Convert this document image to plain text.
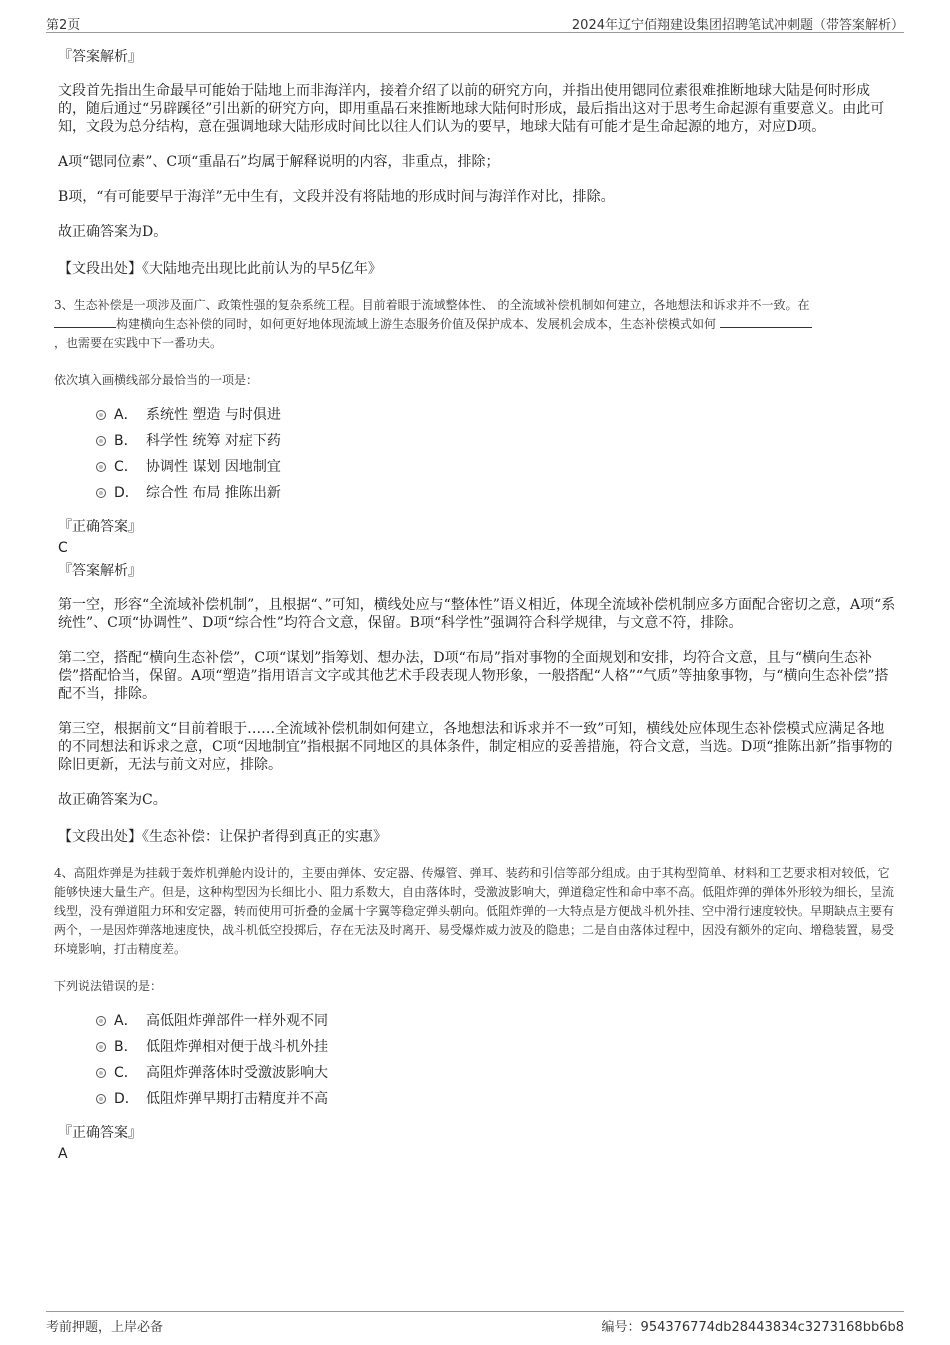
第2页	2024年辽宁佰翔建设集团招聘笔试冲刺题（带答案解析）
『答案解析』

文段首先指出生命最早可能始于陆地上而非海洋内，接着介绍了以前的研究方向，并指出使用锶同位素很难推断地球大陆是何时形成的，随后通过“另辟蹊径”引出新的研究方向，即用重晶石来推断地球大陆何时形成，最后指出这对于思考生命起源有重要意义。由此可知，文段为总分结构，意在强调地球大陆形成时间比以往人们认为的要早，地球大陆有可能才是生命起源的地方，对应D项。

A项“锶同位素”、C项“重晶石”均属于解释说明的内容，非重点，排除；

B项，“有可能要早于海洋”无中生有，文段并没有将陆地的形成时间与海洋作对比，排除。

故正确答案为D。

【文段出处】《大陆地壳出现比此前认为的早5亿年》

3、生态补偿是一项涉及面广、政策性强的复杂系统工程。目前着眼于流域整体性、 的全流域补偿机制如何建立，各地想法和诉求并不一致。在
构建横向生态补偿的同时，如何更好地体现流域上游生态服务价值及保护成本、发展机会成本，生态补偿模式如何
，也需要在实践中下一番功夫。

依次填入画横线部分最恰当的一项是：
A． 系统性 塑造 与时俱进
B． 科学性 统筹 对症下药
C． 协调性 谋划 因地制宜
D． 综合性 布局 推陈出新
『正确答案』
C
『答案解析』

第一空，形容“全流域补偿机制”，且根据“、”可知，横线处应与“整体性”语义相近，体现全流域补偿机制应多方面配合密切之意，A项“系统性”、C项“协调性”、D项“综合性”均符合文意，保留。B项“科学性”强调符合科学规律，与文意不符，排除。

第二空，搭配“横向生态补偿”，C项“谋划”指筹划、想办法，D项“布局”指对事物的全面规划和安排，均符合文意，且与“横向生态补偿”搭配恰当，保留。A项“塑造”指用语言文字或其他艺术手段表现人物形象，一般搭配“人格”“气质”等抽象事物，与“横向生态补偿”搭配不当，排除。

第三空，根据前文“目前着眼于……全流域补偿机制如何建立，各地想法和诉求并不一致”可知，横线处应体现生态补偿模式应满足各地的不同想法和诉求之意，C项“因地制宜”指根据不同地区的具体条件，制定相应的妥善措施，符合文意，当选。D项“推陈出新”指事物的除旧更新，无法与前文对应，排除。

故正确答案为C。

【文段出处】《生态补偿：让保护者得到真正的实惠》

4、高阻炸弹是为挂载于轰炸机弹舱内设计的，主要由弹体、安定器、传爆管、弹耳、装药和引信等部分组成。由于其构型简单、材料和工艺要求相对较低，它能够快速大量生产。但是，这种构型因为长细比小、阻力系数大，自由落体时，受激波影响大，弹道稳定性和命中率不高。低阻炸弹的弹体外形较为细长，呈流线型，没有弹道阻力环和安定器，转而使用可折叠的金属十字翼等稳定弹头朝向。低阻炸弹的一大特点是方便战斗机外挂、空中滑行速度较快。早期缺点主要有两个，一是因炸弹落地速度快，战斗机低空投掷后，存在无法及时离开、易受爆炸威力波及的隐患；二是自由落体过程中，因没有额外的定向、增稳装置，易受环境影响，打击精度差。

下列说法错误的是：
A． 高低阻炸弹部件一样外观不同
B． 低阻炸弹相对便于战斗机外挂
C． 高阻炸弹落体时受激波影响大
D． 低阻炸弹早期打击精度并不高
『正确答案』
A
考前押题，上岸必备	编号：954376774db28443834c3273168bb6b8
